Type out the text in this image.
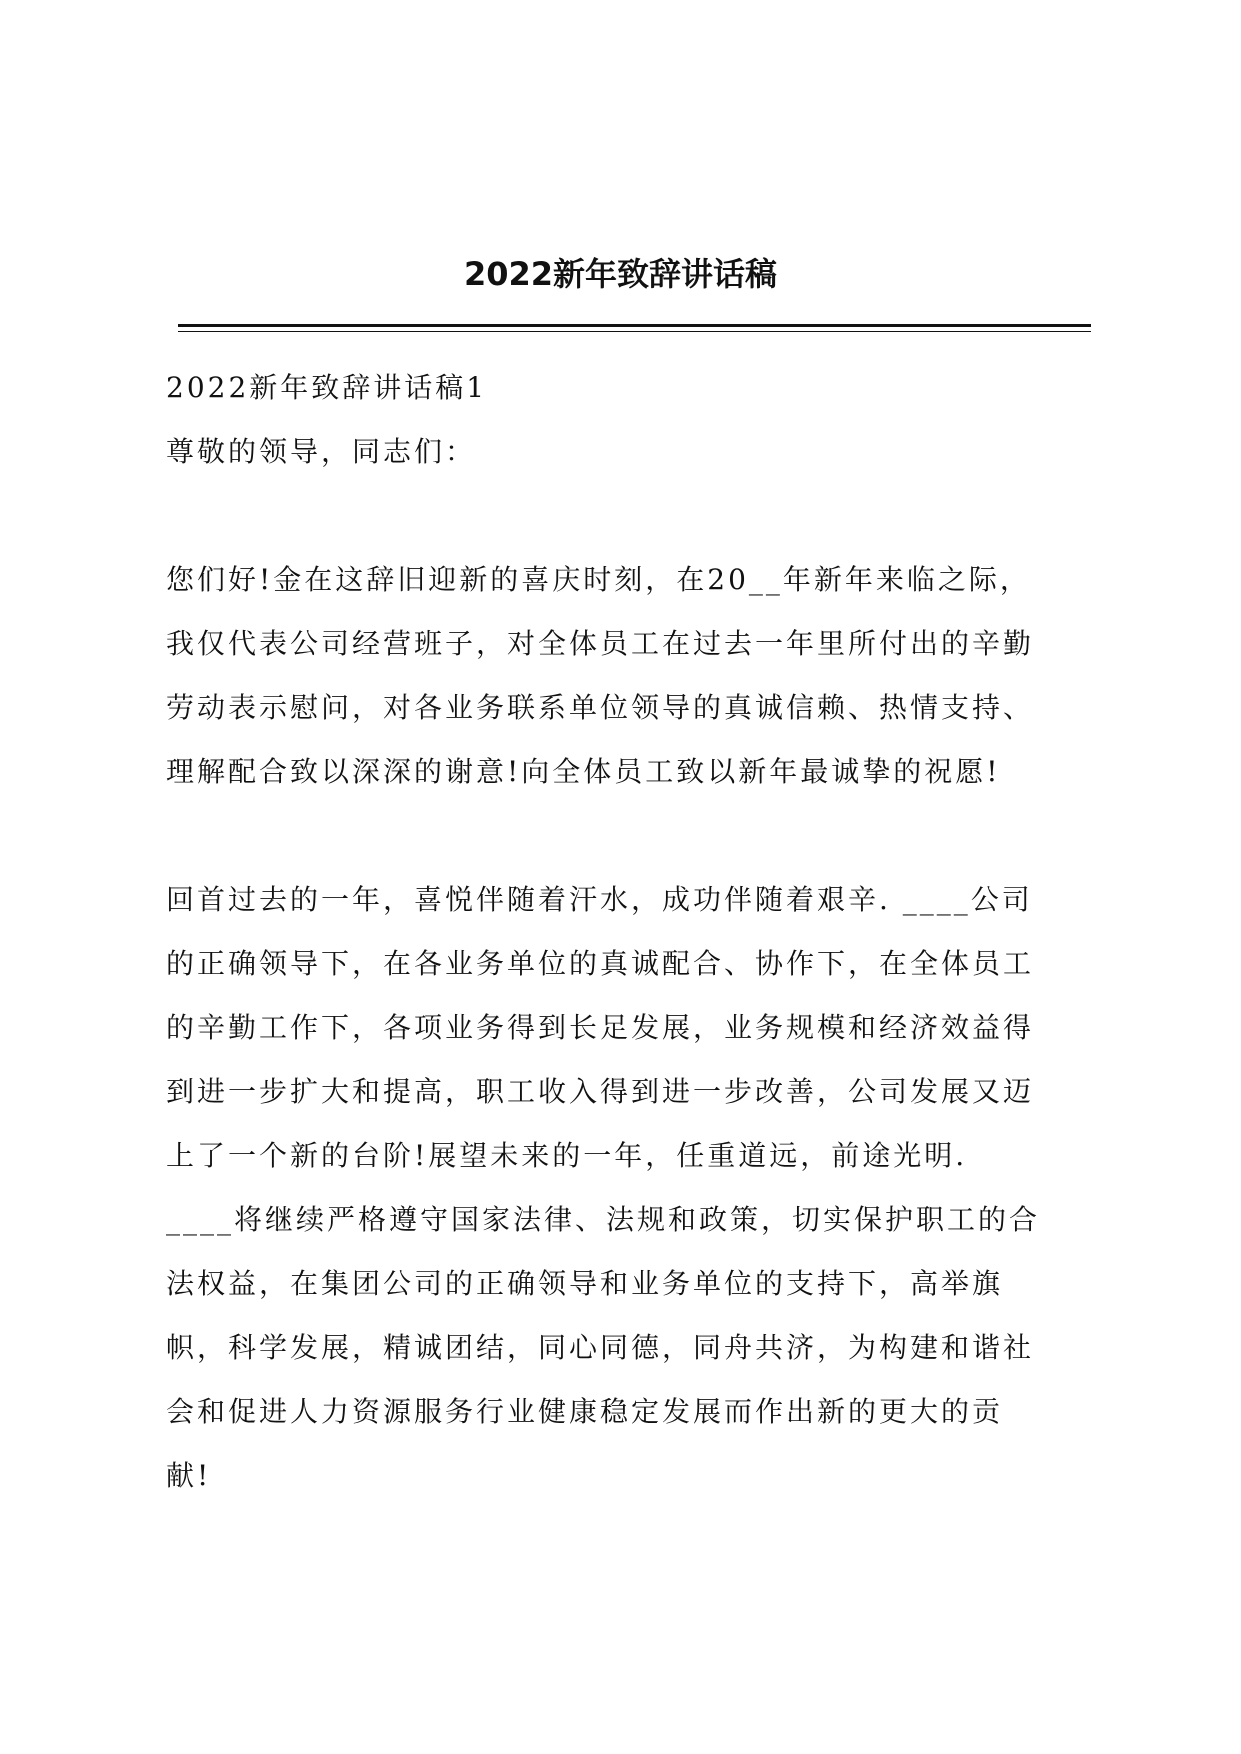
2022新年致辞讲话稿
2022新年致辞讲话稿1
尊敬的领导，同志们：
您们好!金在这辞旧迎新的喜庆时刻，在20__年新年来临之际，
我仅代表公司经营班子，对全体员工在过去一年里所付出的辛勤
劳动表示慰问，对各业务联系单位领导的真诚信赖、热情支持、
理解配合致以深深的谢意!向全体员工致以新年最诚挚的祝愿!
回首过去的一年，喜悦伴随着汗水，成功伴随着艰辛. ____公司
的正确领导下，在各业务单位的真诚配合、协作下，在全体员工
的辛勤工作下，各项业务得到长足发展，业务规模和经济效益得
到进一步扩大和提高，职工收入得到进一步改善，公司发展又迈
上了一个新的台阶!展望未来的一年，任重道远，前途光明.
____将继续严格遵守国家法律、法规和政策，切实保护职工的合
法权益，在集团公司的正确领导和业务单位的支持下，高举旗
帜，科学发展，精诚团结，同心同德，同舟共济，为构建和谐社
会和促进人力资源服务行业健康稳定发展而作出新的更大的贡
献!
